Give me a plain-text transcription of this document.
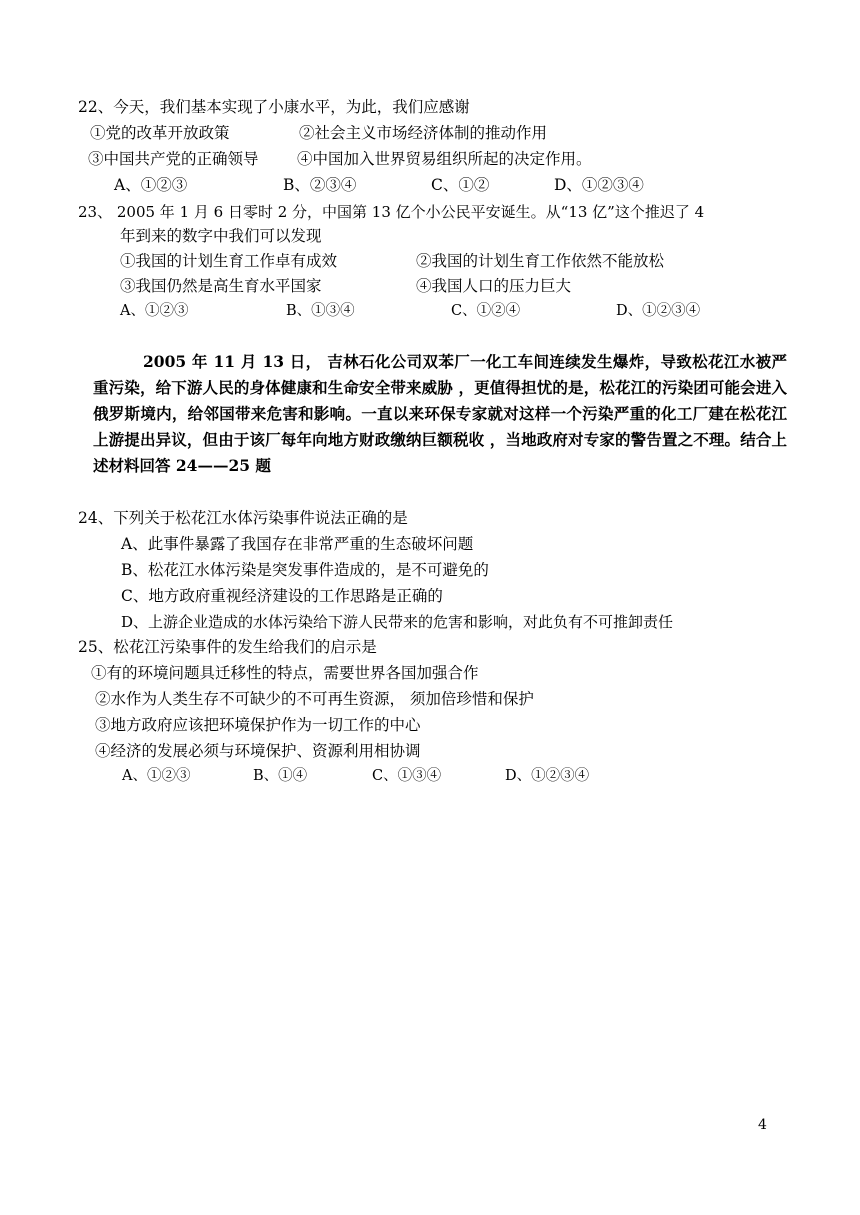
22、今天，我们基本实现了小康水平，为此，我们应感谢
①党的改革开放政策	②社会主义市场经济体制的推动作用
③中国共产党的正确领导 ④中国加入世界贸易组织所起的决定作用。
A、①②③	B、②③④	C、①②	D、①②③④
23、 2005 年 1 月 6 日零时 2 分，中国第 13 亿个小公民平安诞生。从“13 亿”这个推迟了 4
年到来的数字中我们可以发现
①我国的计划生育工作卓有成效	②我国的计划生育工作依然不能放松
③我国仍然是高生育水平国家	④我国人口的压力巨大
A、①②③	B、①③④	C、①②④	D、①②③④
2005 年 11 月 13 日， 吉林石化公司双苯厂一化工车间连续发生爆炸，导致松花江水被严重污染，给下游人民的身体健康和生命安全带来威胁 ，更值得担忧的是，松花江的污染团可能会进入俄罗斯境内，给邻国带来危害和影响。一直以来环保专家就对这样一个污染严重的化工厂建在松花江上游提出异议，但由于该厂每年向地方财政缴纳巨额税收 ，当地政府对专家的警告置之不理。结合上述材料回答 24——25 题
24、下列关于松花江水体污染事件说法正确的是
A、此事件暴露了我国存在非常严重的生态破坏问题
B、松花江水体污染是突发事件造成的，是不可避免的
C、地方政府重视经济建设的工作思路是正确的
D、上游企业造成的水体污染给下游人民带来的危害和影响，对此负有不可推卸责任
25、松花江污染事件的发生给我们的启示是
①有的环境问题具迁移性的特点，需要世界各国加强合作
②水作为人类生存不可缺少的不可再生资源， 须加倍珍惜和保护
③地方政府应该把环境保护作为一切工作的中心
④经济的发展必须与环境保护、资源利用相协调
A、①②③	B、①④	C、①③④	D、①②③④
4
